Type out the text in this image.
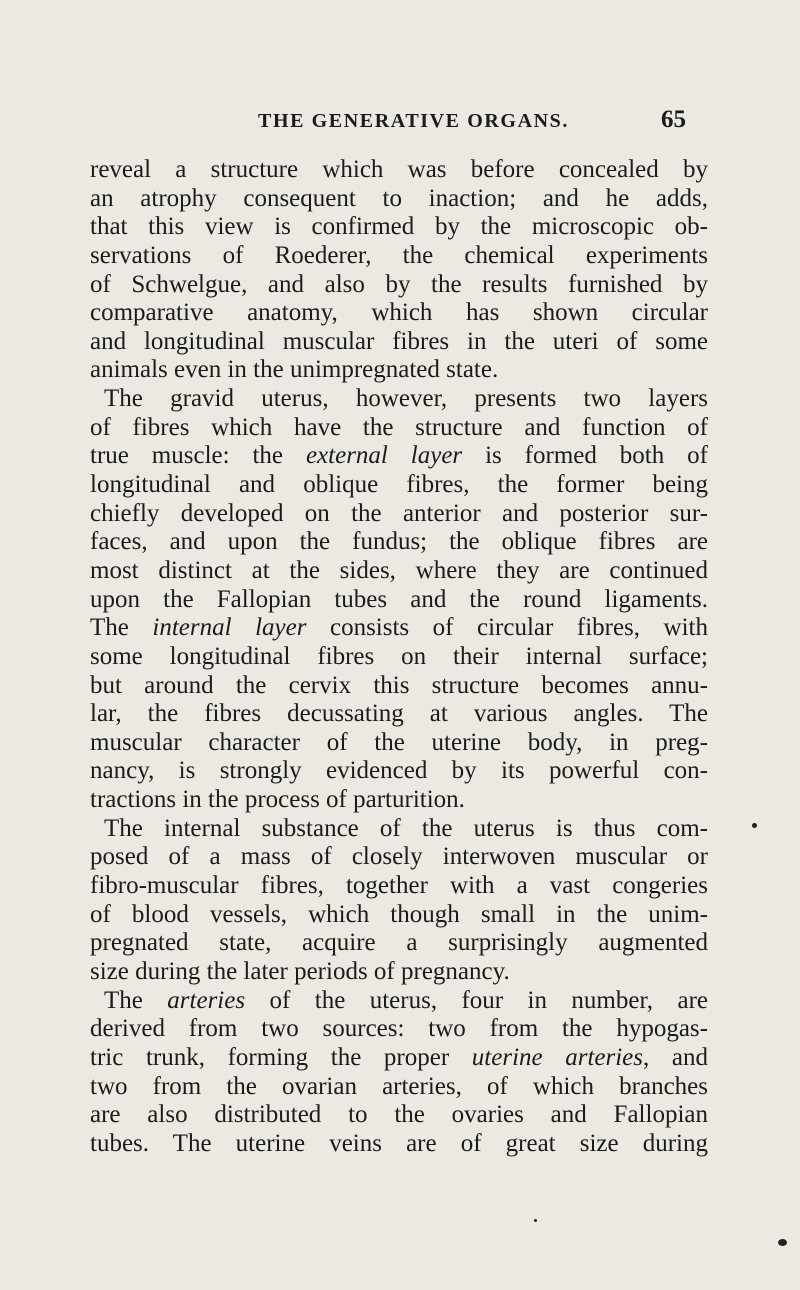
THE GENERATIVE ORGANS.	65
reveal a structure which was before concealed by
an atrophy consequent to inaction; and he adds,
that this view is confirmed by the microscopic ob-
servations of Roederer, the chemical experiments
of Schwelgue, and also by the results furnished by
comparative anatomy, which has shown circular
and longitudinal muscular fibres in the uteri of some
animals even in the unimpregnated state.
The gravid uterus, however, presents two layers
of fibres which have the structure and function of
true muscle: the external layer is formed both of
longitudinal and oblique fibres, the former being
chiefly developed on the anterior and posterior sur-
faces, and upon the fundus; the oblique fibres are
most distinct at the sides, where they are continued
upon the Fallopian tubes and the round ligaments.
The internal layer consists of circular fibres, with
some longitudinal fibres on their internal surface;
but around the cervix this structure becomes annu-
lar, the fibres decussating at various angles. The
muscular character of the uterine body, in preg-
nancy, is strongly evidenced by its powerful con-
tractions in the process of parturition.
The internal substance of the uterus is thus com-
posed of a mass of closely interwoven muscular or
fibro-muscular fibres, together with a vast congeries
of blood vessels, which though small in the unim-
pregnated state, acquire a surprisingly augmented
size during the later periods of pregnancy.
The arteries of the uterus, four in number, are
derived from two sources: two from the hypogas-
tric trunk, forming the proper uterine arteries, and
two from the ovarian arteries, of which branches
are also distributed to the ovaries and Fallopian
tubes. The uterine veins are of great size during
